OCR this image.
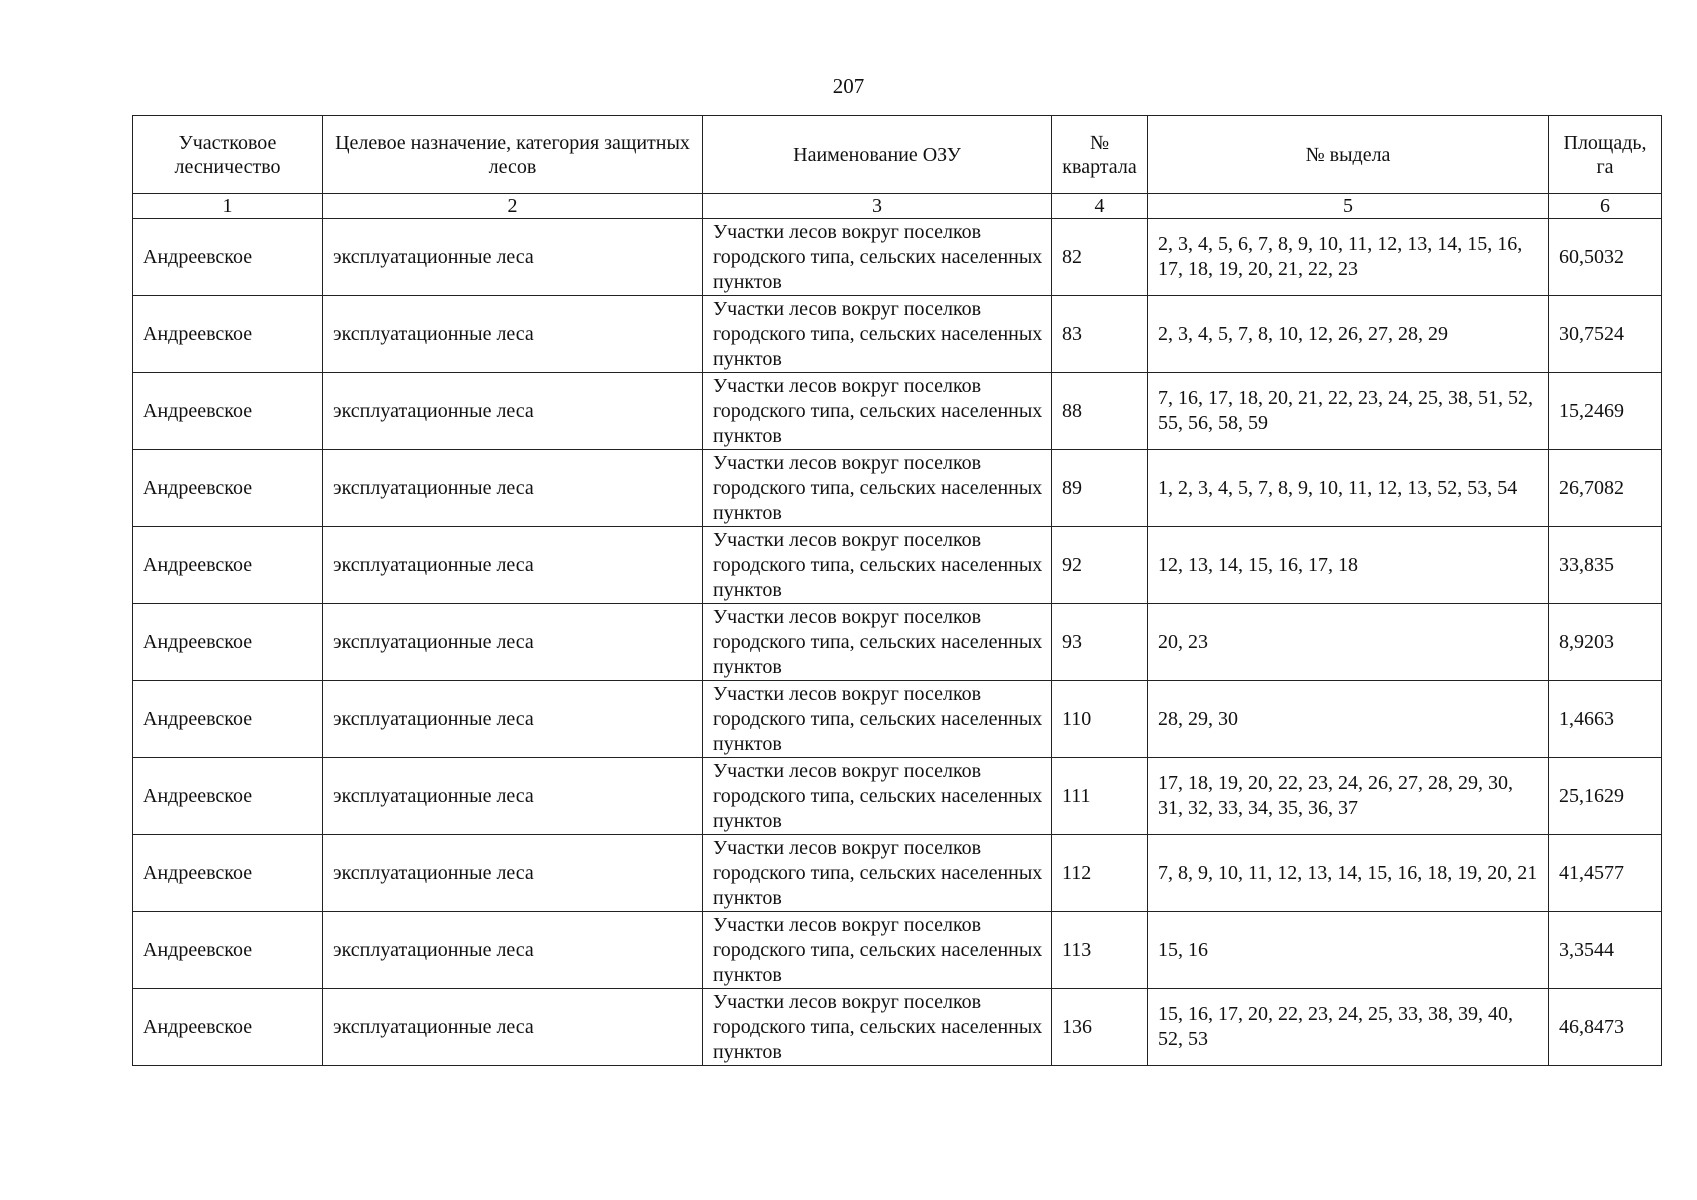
207
Участковое лесничество	Целевое назначение, категория защитных лесов	Наименование ОЗУ	№ квартала	№ выдела	Площадь, га
1	2	3	4	5	6
Андреевское	эксплуатационные леса	Участки лесов вокруг поселков городского типа, сельских населенных пунктов	82	2, 3, 4, 5, 6, 7, 8, 9, 10, 11, 12, 13, 14, 15, 16, 17, 18, 19, 20, 21, 22, 23	60,5032
Андреевское	эксплуатационные леса	Участки лесов вокруг поселков городского типа, сельских населенных пунктов	83	2, 3, 4, 5, 7, 8, 10, 12, 26, 27, 28, 29	30,7524
Андреевское	эксплуатационные леса	Участки лесов вокруг поселков городского типа, сельских населенных пунктов	88	7, 16, 17, 18, 20, 21, 22, 23, 24, 25, 38, 51, 52, 55, 56, 58, 59	15,2469
Андреевское	эксплуатационные леса	Участки лесов вокруг поселков городского типа, сельских населенных пунктов	89	1, 2, 3, 4, 5, 7, 8, 9, 10, 11, 12, 13, 52, 53, 54	26,7082
Андреевское	эксплуатационные леса	Участки лесов вокруг поселков городского типа, сельских населенных пунктов	92	12, 13, 14, 15, 16, 17, 18	33,835
Андреевское	эксплуатационные леса	Участки лесов вокруг поселков городского типа, сельских населенных пунктов	93	20, 23	8,9203
Андреевское	эксплуатационные леса	Участки лесов вокруг поселков городского типа, сельских населенных пунктов	110	28, 29, 30	1,4663
Андреевское	эксплуатационные леса	Участки лесов вокруг поселков городского типа, сельских населенных пунктов	111	17, 18, 19, 20, 22, 23, 24, 26, 27, 28, 29, 30, 31, 32, 33, 34, 35, 36, 37	25,1629
Андреевское	эксплуатационные леса	Участки лесов вокруг поселков городского типа, сельских населенных пунктов	112	7, 8, 9, 10, 11, 12, 13, 14, 15, 16, 18, 19, 20, 21	41,4577
Андреевское	эксплуатационные леса	Участки лесов вокруг поселков городского типа, сельских населенных пунктов	113	15, 16	3,3544
Андреевское	эксплуатационные леса	Участки лесов вокруг поселков городского типа, сельских населенных пунктов	136	15, 16, 17, 20, 22, 23, 24, 25, 33, 38, 39, 40, 52, 53	46,8473
